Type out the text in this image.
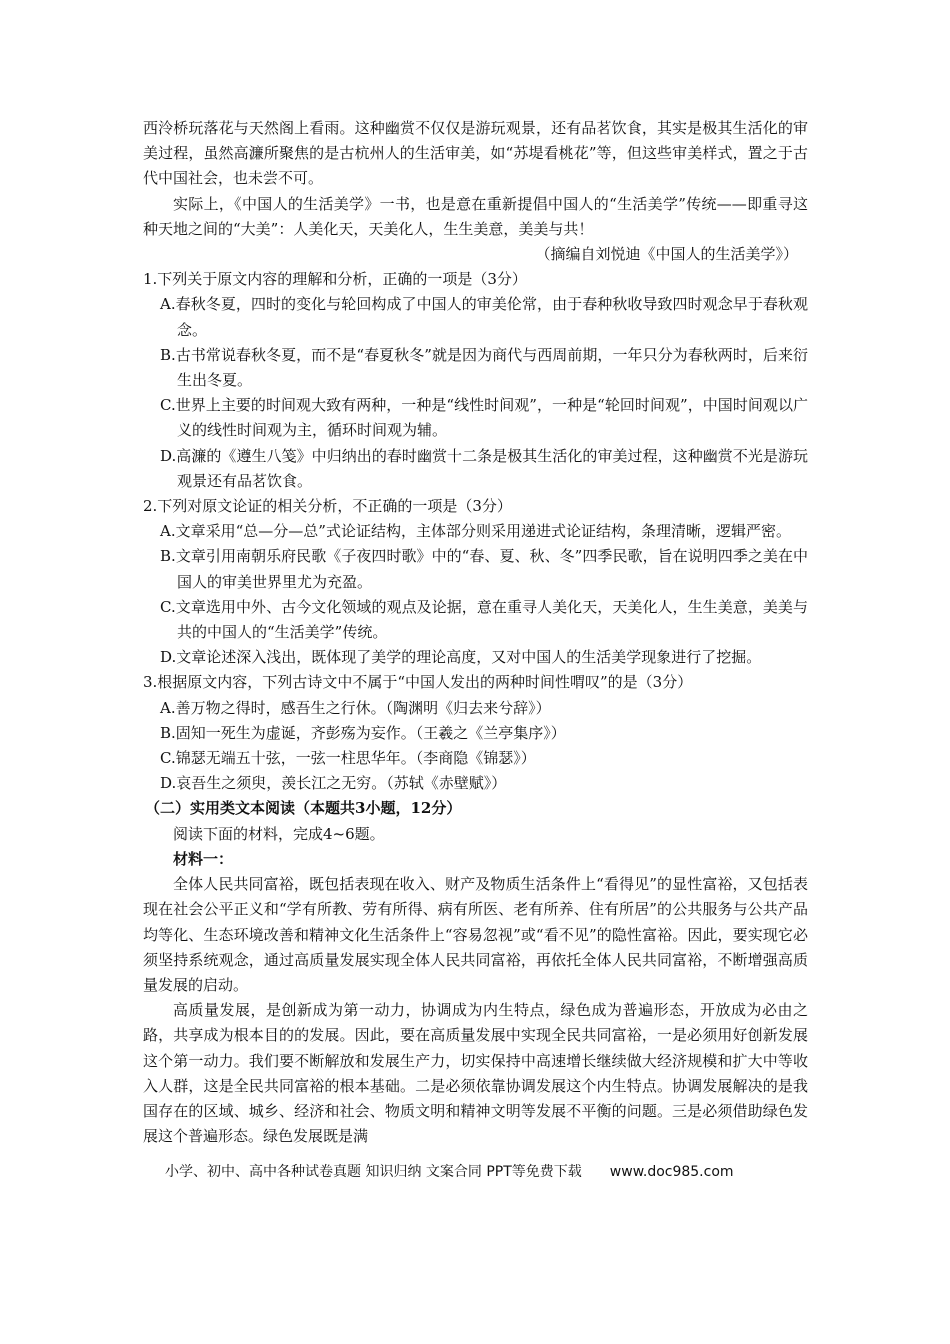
西泠桥玩落花与天然阁上看雨。这种幽赏不仅仅是游玩观景，还有品茗饮食，其实是极其生活化的审美过程，虽然高濂所聚焦的是古杭州人的生活审美，如“苏堤看桃花”等，但这些审美样式，置之于古代中国社会，也未尝不可。

实际上，《中国人的生活美学》一书，也是意在重新提倡中国人的“生活美学”传统——即重寻这种天地之间的“大美”：人美化天，天美化人，生生美意，美美与共！

（摘编自刘悦迪《中国人的生活美学》）

1.下列关于原文内容的理解和分析，正确的一项是（3分）

A.春秋冬夏，四时的变化与轮回构成了中国人的审美伦常，由于春种秋收导致四时观念早于春秋观念。

B.古书常说春秋冬夏，而不是“春夏秋冬”就是因为商代与西周前期，一年只分为春秋两时，后来衍生出冬夏。

C.世界上主要的时间观大致有两种，一种是“线性时间观”，一种是“轮回时间观”，中国时间观以广义的线性时间观为主，循环时间观为辅。

D.高濂的《遵生八笺》中归纳出的春时幽赏十二条是极其生活化的审美过程，这种幽赏不光是游玩观景还有品茗饮食。

2.下列对原文论证的相关分析，不正确的一项是（3分）

A.文章采用“总—分—总”式论证结构，主体部分则采用递进式论证结构，条理清晰，逻辑严密。

B.文章引用南朝乐府民歌《子夜四时歌》中的“春、夏、秋、冬”四季民歌，旨在说明四季之美在中国人的审美世界里尤为充盈。

C.文章选用中外、古今文化领域的观点及论据，意在重寻人美化天，天美化人，生生美意，美美与共的中国人的“生活美学”传统。

D.文章论述深入浅出，既体现了美学的理论高度，又对中国人的生活美学现象进行了挖掘。

3.根据原文内容，下列古诗文中不属于“中国人发出的两种时间性喟叹”的是（3分）

A.善万物之得时，感吾生之行休。（陶渊明《归去来兮辞》）

B.固知一死生为虚诞，齐彭殇为妄作。（王羲之《兰亭集序》）

C.锦瑟无端五十弦，一弦一柱思华年。（李商隐《锦瑟》）

D.哀吾生之须臾，羡长江之无穷。（苏轼《赤壁赋》）

（二）实用类文本阅读（本题共3小题，12分）

阅读下面的材料，完成4~6题。

材料一：

全体人民共同富裕，既包括表现在收入、财产及物质生活条件上“看得见”的显性富裕，又包括表现在社会公平正义和“学有所教、劳有所得、病有所医、老有所养、住有所居”的公共服务与公共产品均等化、生态环境改善和精神文化生活条件上“容易忽视”或“看不见”的隐性富裕。因此，要实现它必须坚持系统观念，通过高质量发展实现全体人民共同富裕，再依托全体人民共同富裕，不断增强高质量发展的启动。

高质量发展，是创新成为第一动力，协调成为内生特点，绿色成为普遍形态，开放成为必由之路，共享成为根本目的的发展。因此，要在高质量发展中实现全民共同富裕，一是必须用好创新发展这个第一动力。我们要不断解放和发展生产力，切实保持中高速增长继续做大经济规模和扩大中等收入人群，这是全民共同富裕的根本基础。二是必须依靠协调发展这个内生特点。协调发展解决的是我国存在的区域、城乡、经济和社会、物质文明和精神文明等发展不平衡的问题。三是必须借助绿色发展这个普遍形态。绿色发展既是满

小学、初中、高中各种试卷真题 知识归纳 文案合同 PPT等免费下载 www.doc985.com
